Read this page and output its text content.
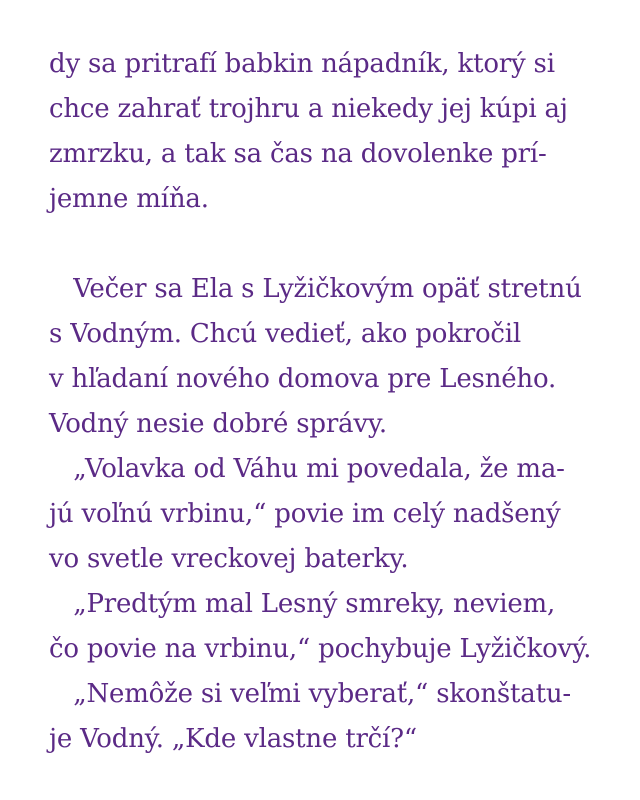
dy sa pritrafí babkin nápadník, ktorý si
chce zahrať trojhru a niekedy jej kúpi aj
zmrzku, a tak sa čas na dovolenke prí-
jemne míňa.
Večer sa Ela s Lyžičkovým opäť stretnú
s Vodným. Chcú vedieť, ako pokročil
v hľadaní nového domova pre Lesného.
Vodný nesie dobré správy.
„Volavka od Váhu mi povedala, že ma-
jú voľnú vrbinu,“ povie im celý nadšený
vo svetle vreckovej baterky.
„Predtým mal Lesný smreky, neviem,
čo povie na vrbinu,“ pochybuje Lyžičkový.
„Nemôže si veľmi vyberať,“ skonštatu-
je Vodný. „Kde vlastne trčí?“
